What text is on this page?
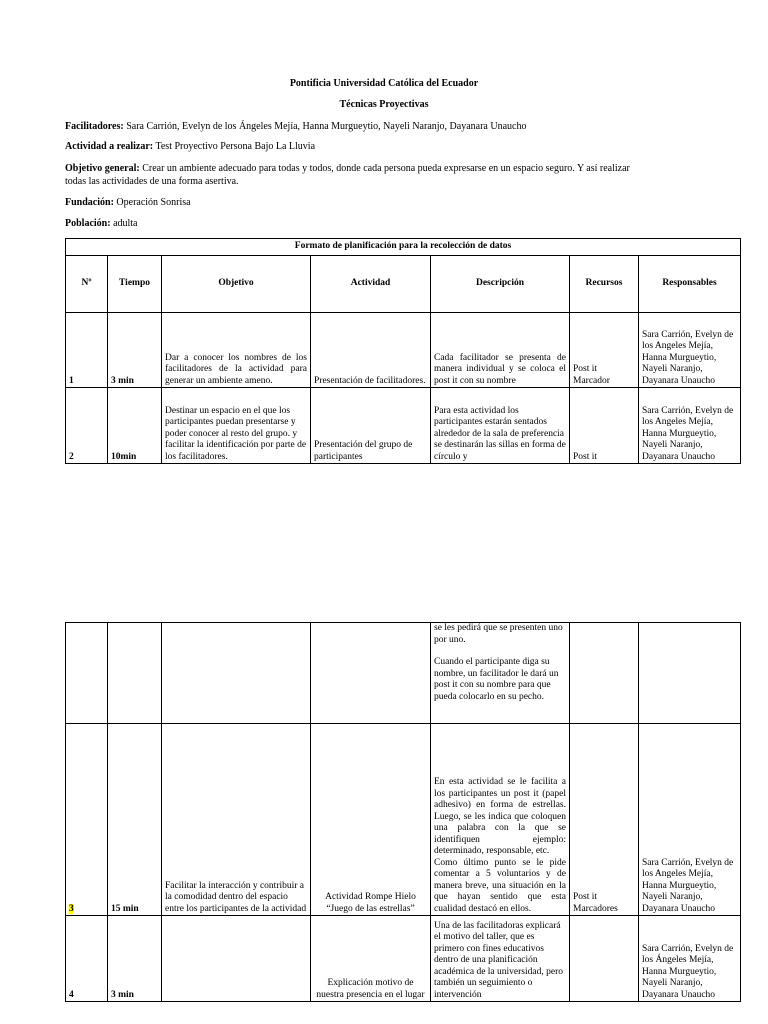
Pontificia Universidad Católica del Ecuador
Técnicas Proyectivas
Facilitadores: Sara Carrión, Evelyn de los Ángeles Mejía, Hanna Murgueytio, Nayeli Naranjo, Dayanara Unaucho
Actividad a realizar: Test Proyectivo Persona Bajo La Lluvia
Objetivo general: Crear un ambiente adecuado para todas y todos, donde cada persona pueda expresarse en un espacio seguro. Y así realizar
todas las actividades de una forma asertiva.
Fundación: Operación Sonrisa
Población: adulta
Formato de planificación para la recolección de datos						
Nº	Tiempo	Objetivo	Actividad	Descripción	Recursos	Responsables
1	3 min	Dar a conocer los nombres de los facilitadores de la actividad para generar un ambiente ameno.	Presentación de facilitadores.	Cada facilitador se presenta de manera individual y se coloca el post it con su nombre	Post it Marcador	Sara Carrión, Evelyn de los Angeles Mejía, Hanna Murgueytio, Nayeli Naranjo, Dayanara Unaucho
2	10min	Destinar un espacio en el que los participantes puedan presentarse y poder conocer al resto del grupo. y facilitar la identificación por parte de los facilitadores.	Presentación del grupo de participantes	Para esta actividad los participantes estarán sentados alrededor de la sala de preferencia se destinarán las sillas en forma de círculo y	Post it	Sara Carrión, Evelyn de los Angeles Mejía, Hanna Murgueytio, Nayeli Naranjo, Dayanara Unaucho

				se les pedirá que se presenten uno por uno.

Cuando el participante diga su nombre, un facilitador le dará un post it con su nombre para que pueda colocarlo en su pecho.		

3	15 min	Facilitar la interacción y contribuir a la comodidad dentro del espacio entre los participantes de la actividad	Actividad Rompe Hielo “Juego de las estrellas”	En esta actividad se le facilita a los participantes un post it (papel adhesivo) en forma de estrellas. Luego, se les indica que coloquen una palabra con la que se identifiquen ejemplo: determinado, responsable, etc.

Como último punto se le pide comentar a 5 voluntarios y de manera breve, una situación en la que hayan sentido que esta cualidad destacó en ellos.	Post it Marcadores	Sara Carrión, Evelyn de los Angeles Mejía, Hanna Murgueytio, Nayeli Naranjo, Dayanara Unaucho
4	3 min		Explicación motivo de nuestra presencia en el lugar	Una de las facilitadoras explicará el motivo del taller, que es primero con fines educativos dentro de una planificación académica de la universidad, pero también un seguimiento o intervención		Sara Carrión, Evelyn de los Ángeles Mejía, Hanna Murgueytio, Nayeli Naranjo, Dayanara Unaucho
